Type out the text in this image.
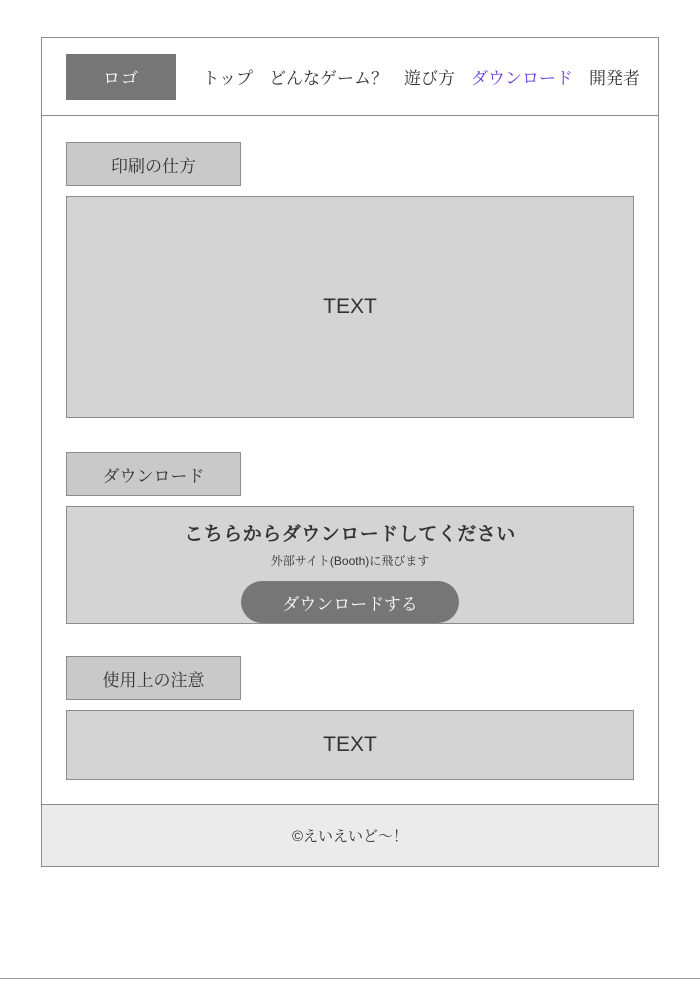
ロゴ	トップ どんなゲーム？ 遊び方 ダウンロード 開発者
印刷の仕方
TEXT
ダウンロード
こちらからダウンロードしてください
外部サイト(Booth)に飛びます
ダウンロードする
使用上の注意
TEXT
©えいえいど〜！
